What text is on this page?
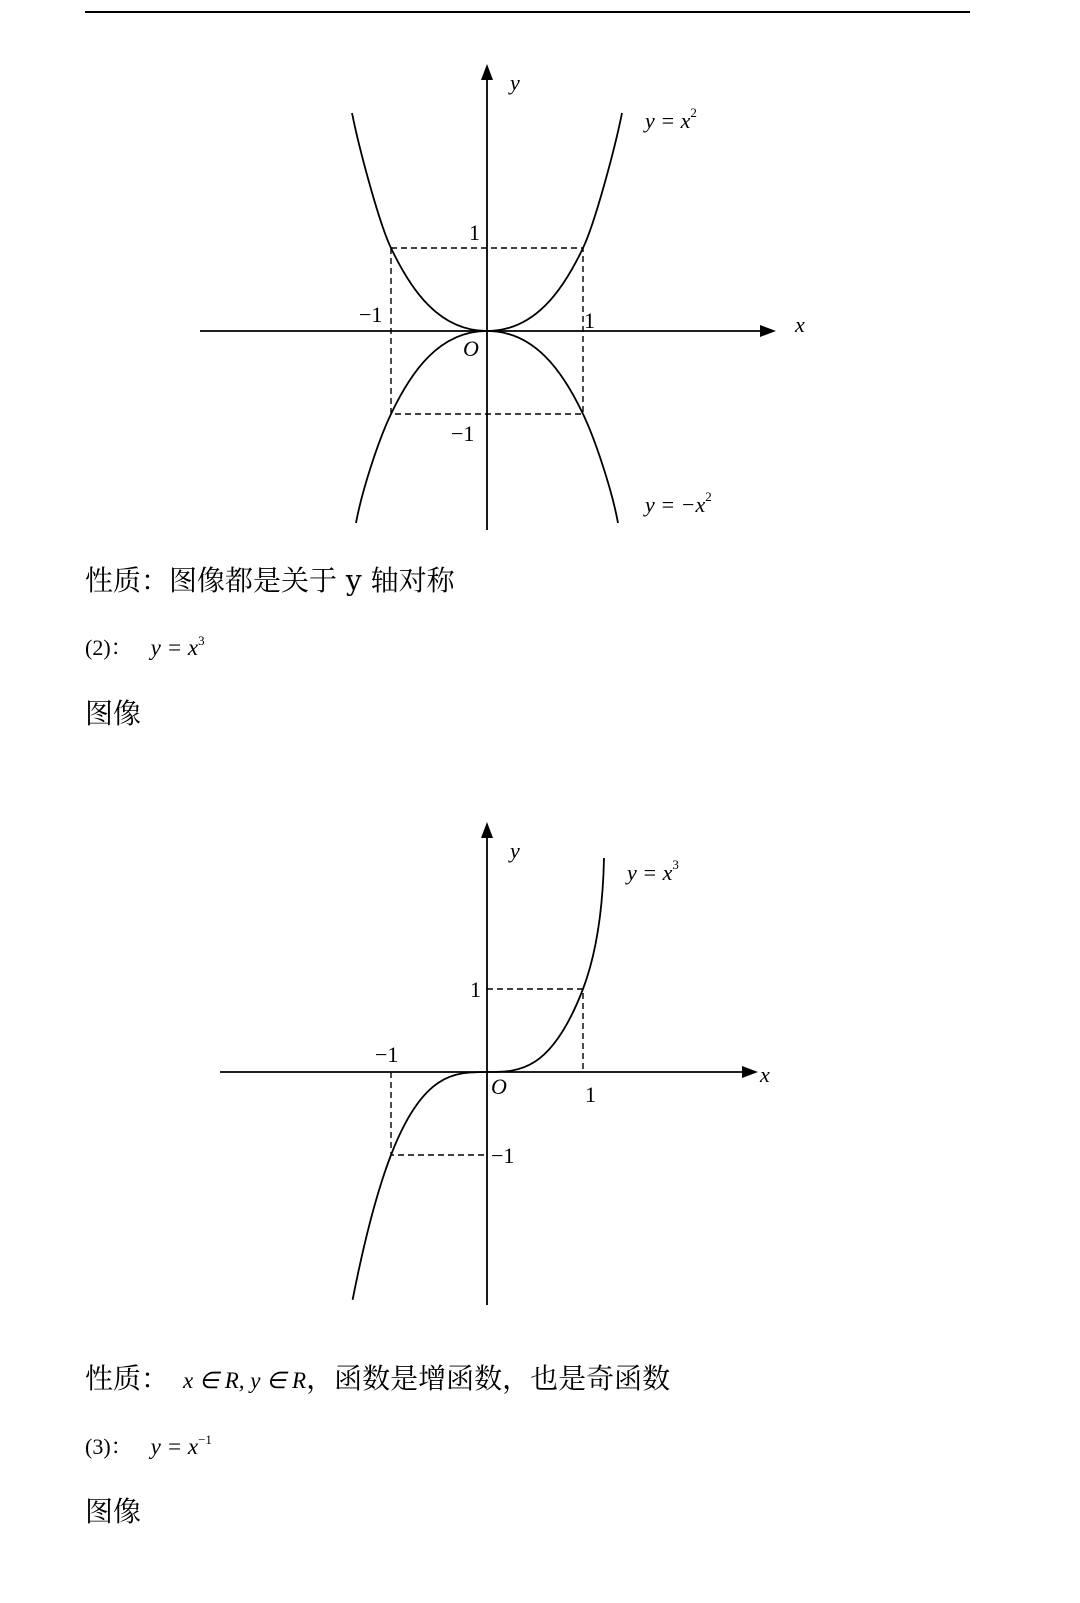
y
x
O
1
−1	1
−1
$y = x^2$
$y = -x^2$
性质：图像都是关于 y 轴对称
(2)： $y = x^3$
图像
y
x
O
1
−1
1
−1
$y = x^3$
性质： x ∈ R, y ∈ R，函数是增函数，也是奇函数
(3)： $y = x^{-1}$
图像
